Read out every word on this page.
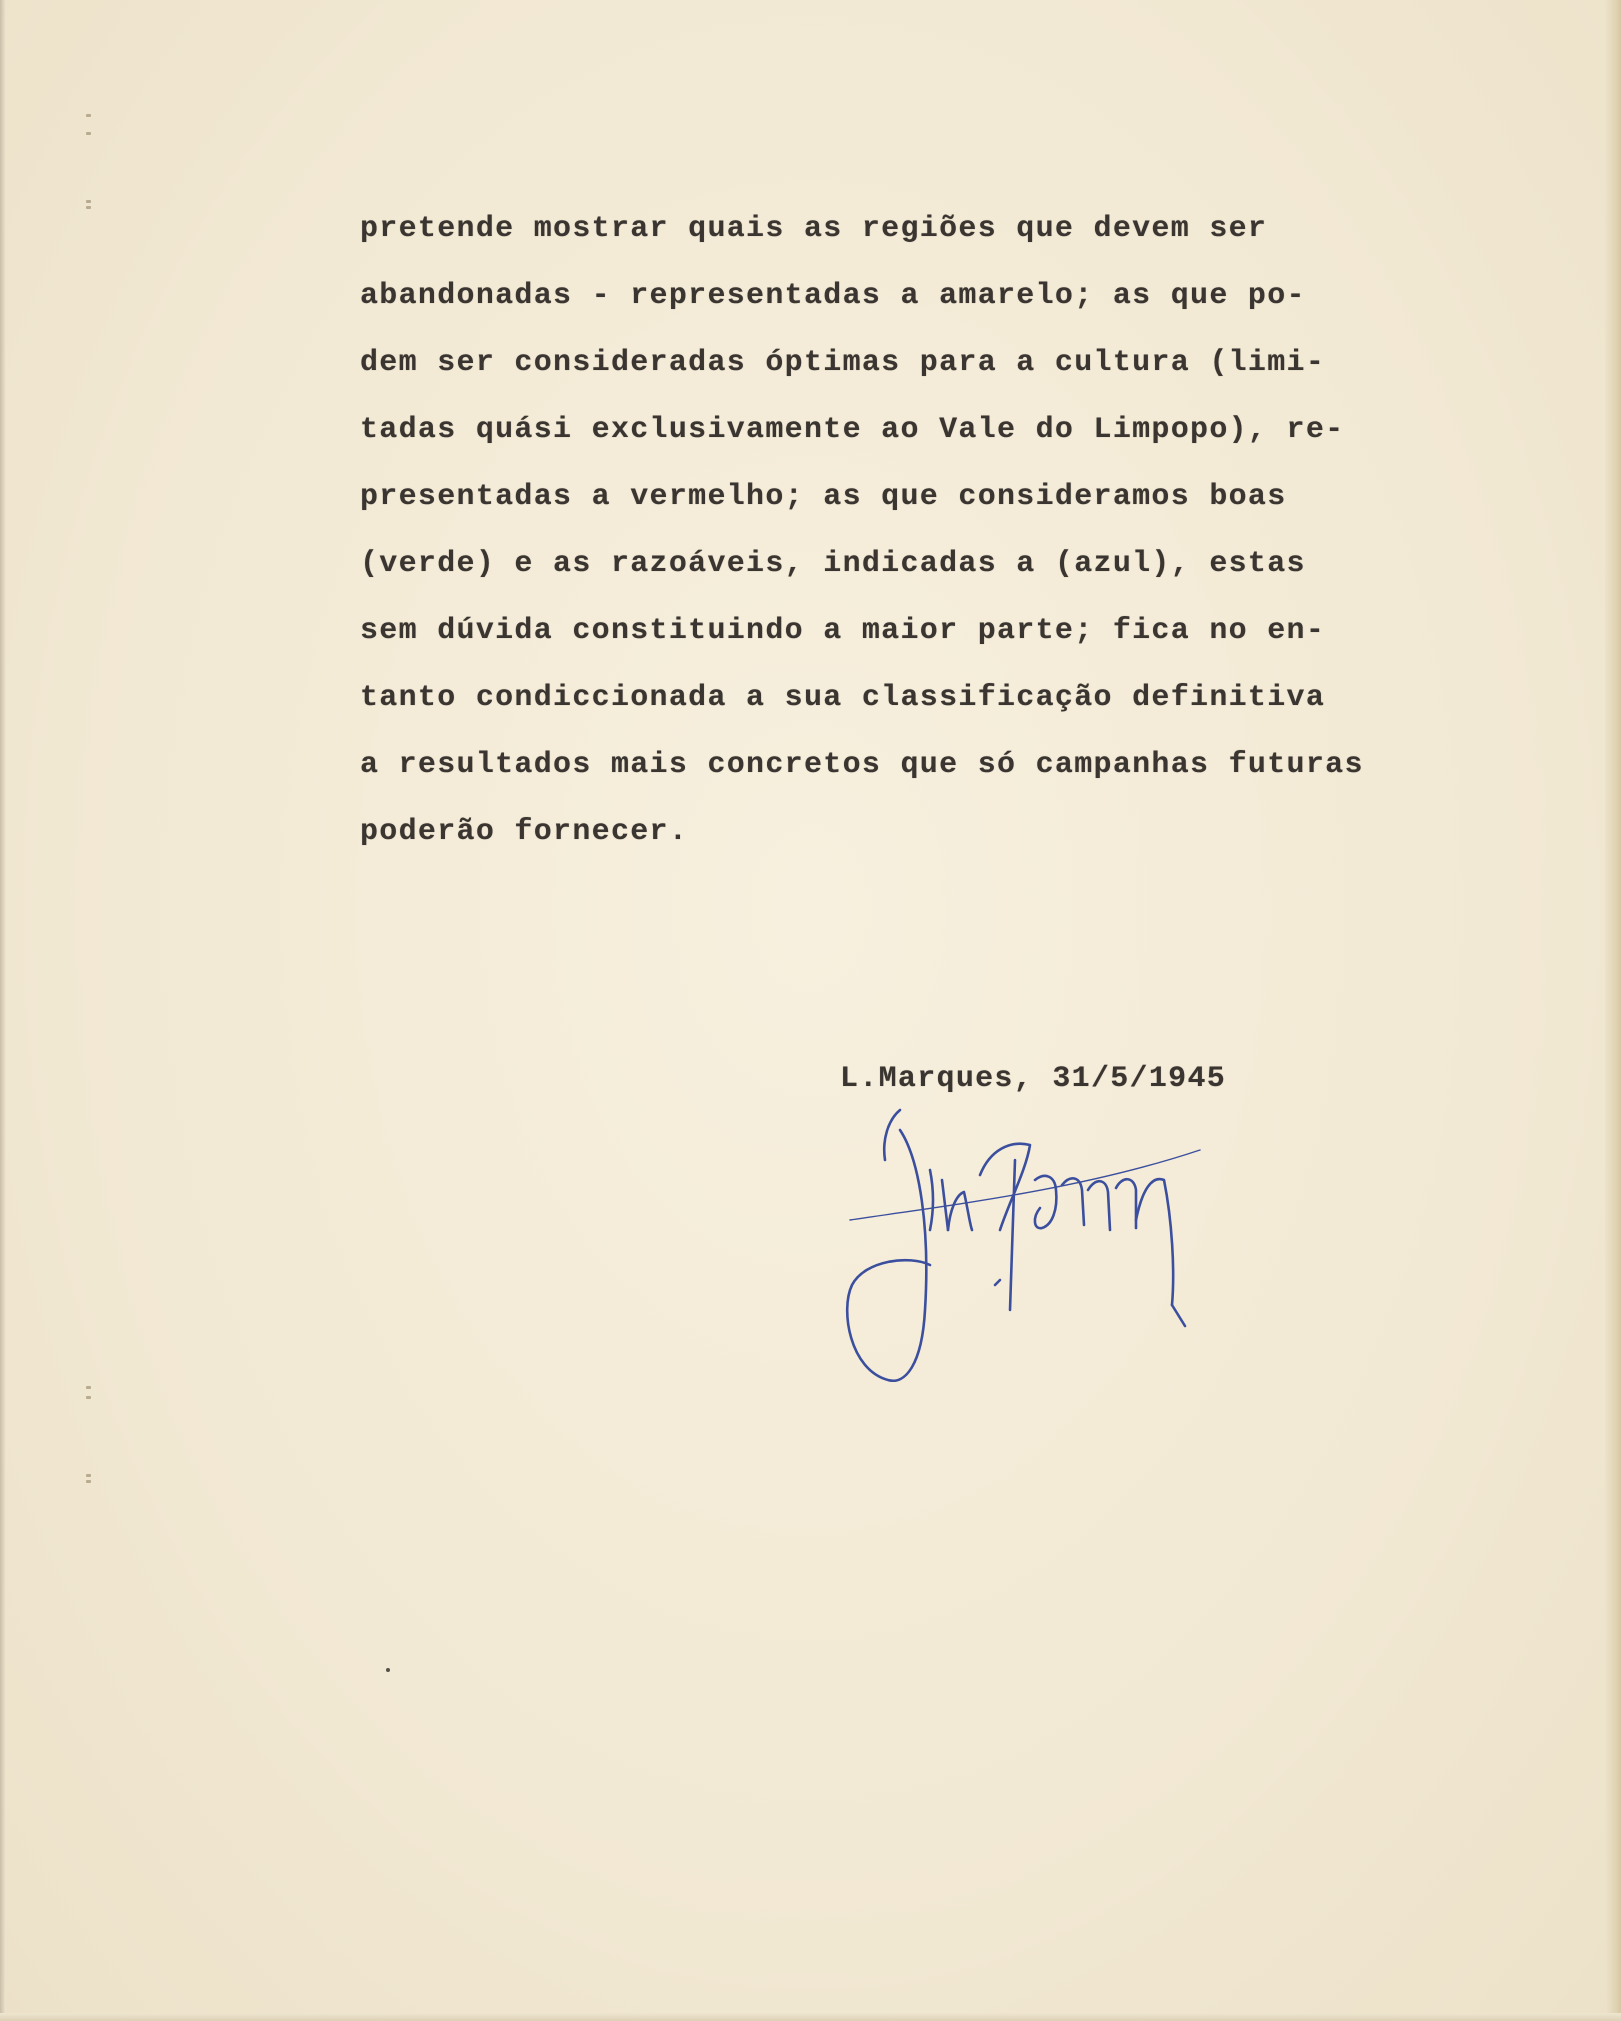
pretende mostrar quais as regiões que devem ser
abandonadas - representadas a amarelo; as que po-
dem ser consideradas óptimas para a cultura (limi-
tadas quási exclusivamente ao Vale do Limpopo), re-
presentadas a vermelho; as que consideramos boas
(verde) e as razoáveis, indicadas a (azul), estas
sem dúvida constituindo a maior parte; fica no en-
tanto condiccionada a sua classificação definitiva
a resultados mais concretos que só campanhas futuras
poderão fornecer.
L.Marques, 31/5/1945
